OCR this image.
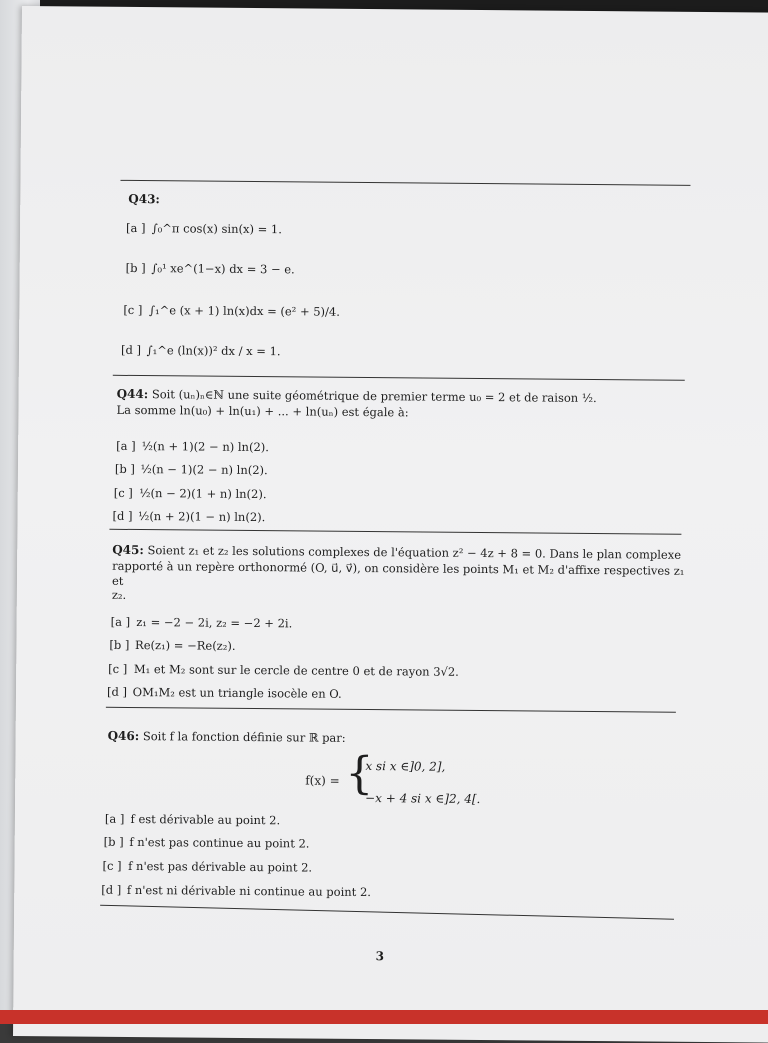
Q43:
[a ] ∫₀^π cos(x) sin(x) = 1.
[b ] ∫₀¹ xe^(1−x) dx = 3 − e.
[c ] ∫₁^e (x + 1) ln(x)dx = (e² + 5)/4.
[d ] ∫₁^e (ln(x))² dx / x = 1.
Q44: Soit (uₙ)ₙ∈ℕ une suite géométrique de premier terme u₀ = 2 et de raison ½.
La somme ln(u₀) + ln(u₁) + ... + ln(uₙ) est égale à:
[a ] ½(n + 1)(2 − n) ln(2).
[b ] ½(n − 1)(2 − n) ln(2).
[c ] ½(n − 2)(1 + n) ln(2).
[d ] ½(n + 2)(1 − n) ln(2).
Q45: Soient z₁ et z₂ les solutions complexes de l'équation z² − 4z + 8 = 0. Dans le plan complexe
rapporté à un repère orthonormé (O, u⃗, v⃗), on considère les points M₁ et M₂ d'affixe respectives z₁ et
z₂.
[a ] z₁ = −2 − 2i, z₂ = −2 + 2i.
[b ] Re(z₁) = −Re(z₂).
[c ] M₁ et M₂ sont sur le cercle de centre 0 et de rayon 3√2.
[d ] OM₁M₂ est un triangle isocèle en O.
Q46: Soit f la fonction définie sur ℝ par:
f(x) = {
x si x ∈]0, 2],
−x + 4 si x ∈]2, 4[.
[a ] f est dérivable au point 2.
[b ] f n'est pas continue au point 2.
[c ] f n'est pas dérivable au point 2.
[d ] f n'est ni dérivable ni continue au point 2.
3
